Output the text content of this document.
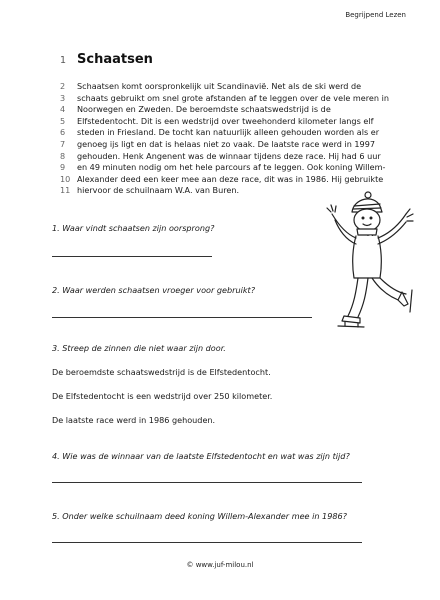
Begrijpend Lezen
1 Schaatsen
2	Schaatsen komt oorspronkelijk uit Scandinavië. Net als de ski werd de
3	schaats gebruikt om snel grote afstanden af te leggen over de vele meren in
4	Noorwegen en Zweden. De beroemdste schaatswedstrijd is de
5	Elfstedentocht. Dit is een wedstrijd over tweehonderd kilometer langs elf
6	steden in Friesland. De tocht kan natuurlijk alleen gehouden worden als er
7	genoeg ijs ligt en dat is helaas niet zo vaak. De laatste race werd in 1997
8	gehouden. Henk Angenent was de winnaar tijdens deze race. Hij had 6 uur
9	en 49 minuten nodig om het hele parcours af te leggen. Ook koning Willem-
10 Alexander deed een keer mee aan deze race, dit was in 1986. Hij gebruikte
11 hiervoor de schuilnaam W.A. van Buren.
1. Waar vindt schaatsen zijn oorsprong?
2. Waar werden schaatsen vroeger voor gebruikt?
3. Streep de zinnen die niet waar zijn door.
De beroemdste schaatswedstrijd is de Elfstedentocht.
De Elfstedentocht is een wedstrijd over 250 kilometer.
De laatste race werd in 1986 gehouden.
4. Wie was de winnaar van de laatste Elfstedentocht en wat was zijn tijd?
5. Onder welke schuilnaam deed koning Willem-Alexander mee in 1986?
© www.juf-milou.nl
